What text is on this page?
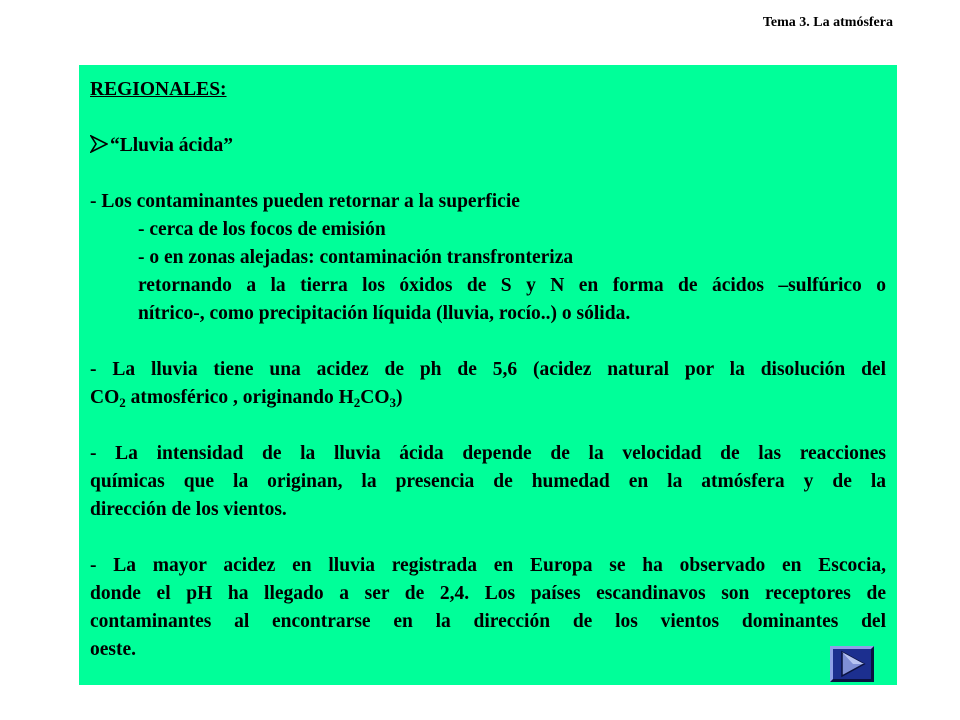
Tema 3. La atmósfera

REGIONALES:

“Lluvia ácida”

- Los contaminantes pueden retornar a la superficie

- cerca de los focos de emisión

- o en zonas alejadas: contaminación transfronteriza

retornando a la tierra los óxidos de S y N en forma de ácidos –sulfúrico o

nítrico-, como precipitación líquida (lluvia, rocío..) o sólida.

- La lluvia tiene una acidez de ph de 5,6 (acidez natural por la disolución del

$CO_2$ atmosférico , originando $H_2CO_3$)

- La intensidad de la lluvia ácida depende de la velocidad de las reacciones

químicas que la originan, la presencia de humedad en la atmósfera y de la

dirección de los vientos.

- La mayor acidez en lluvia registrada en Europa se ha observado en Escocia,

donde el pH ha llegado a ser de 2,4. Los países escandinavos son receptores de

contaminantes al encontrarse en la dirección de los vientos dominantes del

oeste.
